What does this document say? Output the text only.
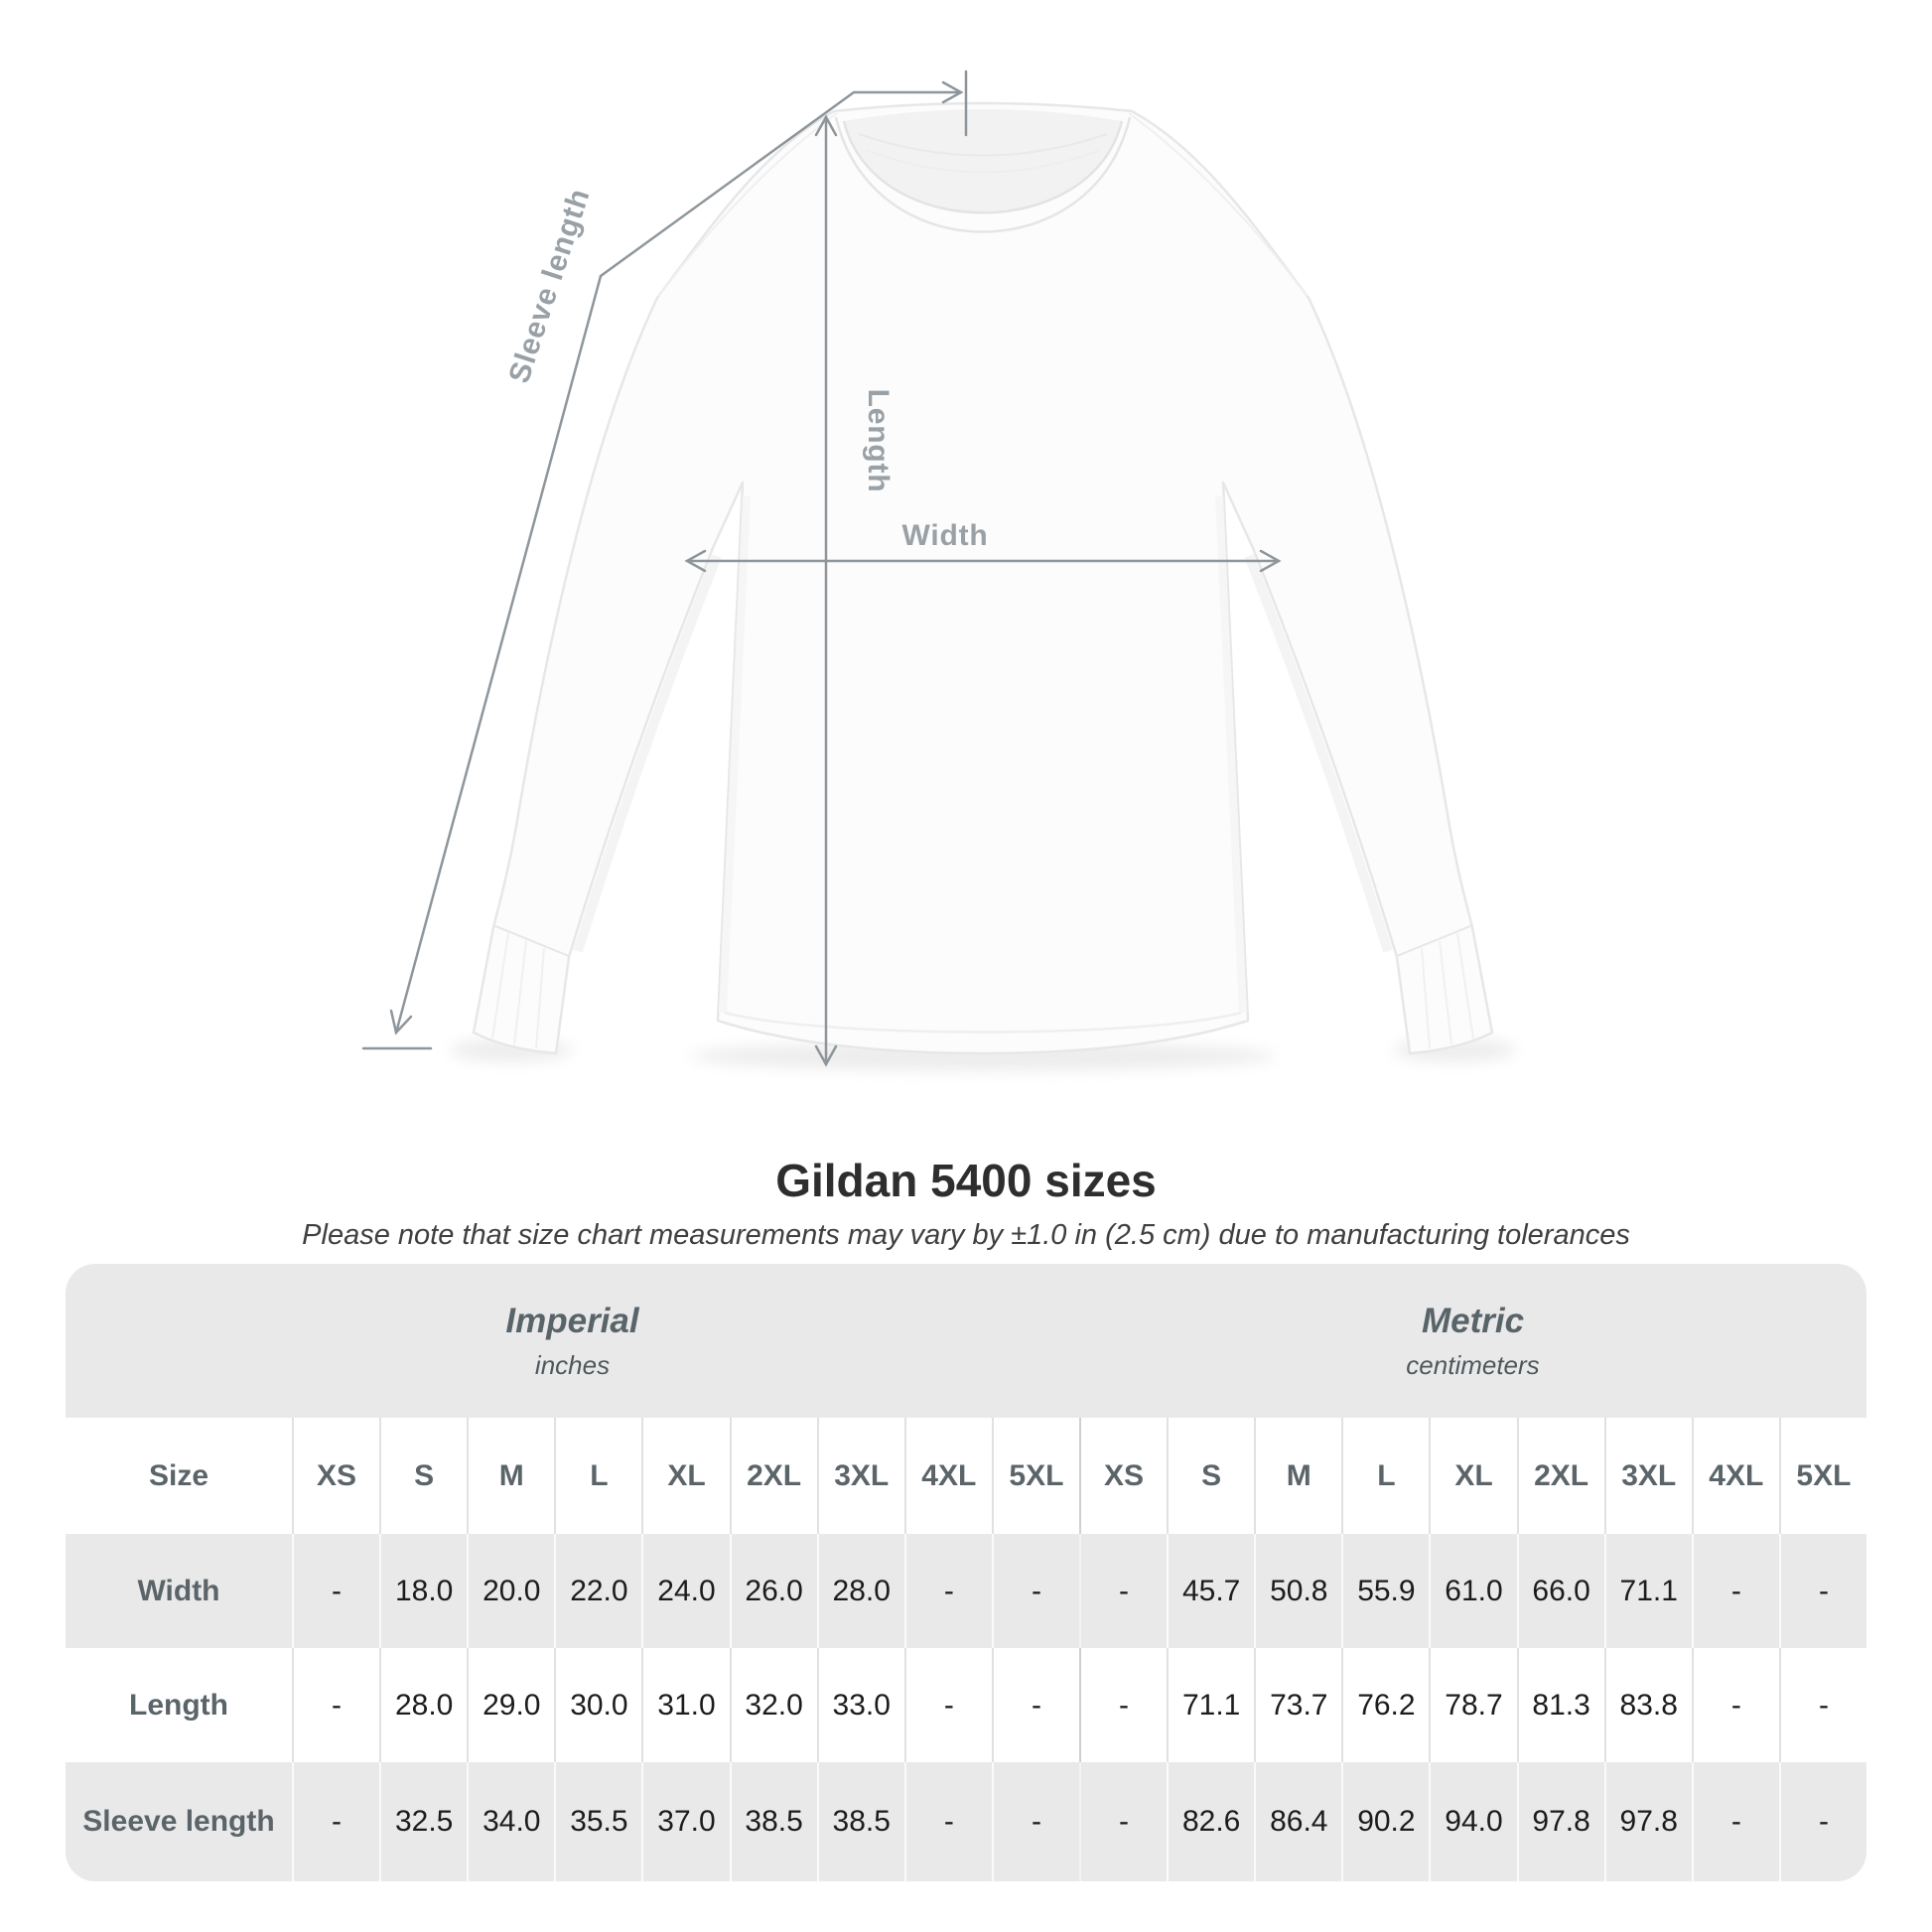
Sleeve length
Length
Width
Gildan 5400 sizes
Please note that size chart measurements may vary by ±1.0 in (2.5 cm) due to manufacturing tolerances
Imperial
inches
Metric
centimeters
Size	XS	S	M	L	XL	2XL	3XL	4XL	5XL	XS	S	M	L	XL	2XL	3XL	4XL	5XL
Width	-	18.0 20.0 22.0 24.0 26.0 28.0	-	-	-	45.7 50.8 55.9 61.0 66.0 71.1	-	-
Length	-	28.0 29.0 30.0 31.0 32.0 33.0	-	-	-	71.1 73.7 76.2 78.7 81.3 83.8	-	-
Sleeve length	-	32.5 34.0 35.5 37.0 38.5 38.5	-	-	-	82.6 86.4 90.2 94.0 97.8 97.8	-	-
